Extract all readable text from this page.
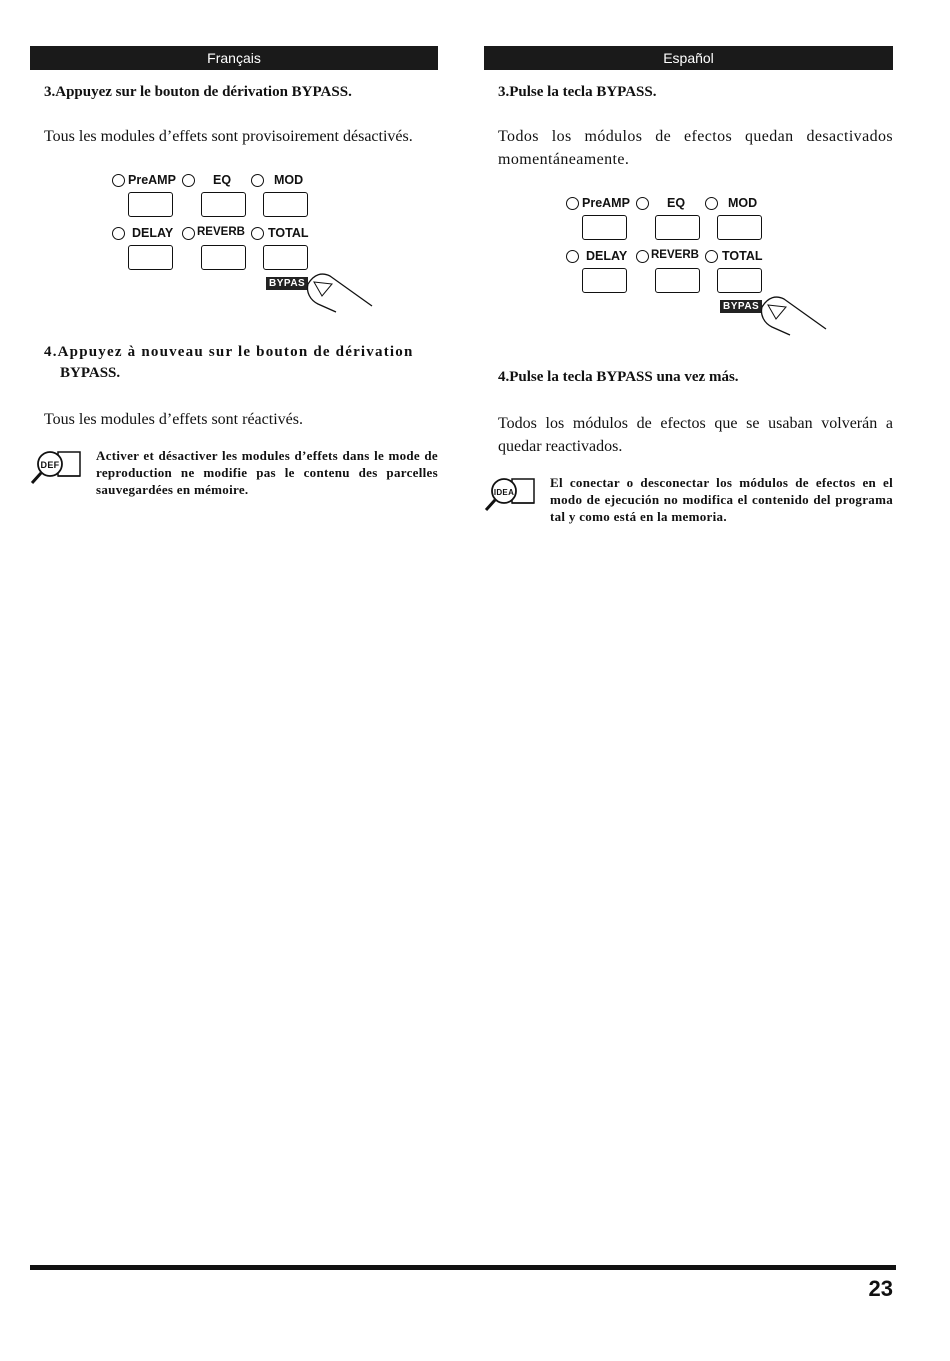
Français
3.Appuyez sur le bouton de dérivation BYPASS.
Tous les modules d’effets sont provisoirement désactivés.
PreAMP	EQ	MOD
DELAY REVERB TOTAL
BYPAS
4.Appuyez à nouveau sur le bouton de dérivation
BYPASS.
Tous les modules d’effets sont réactivés.
DEF
Activer et désactiver les modules d’effets dans le mode de reproduction ne modifie pas le contenu des parcelles sauvegardées en mémoire.
Español
3.Pulse la tecla BYPASS.
Todos los módulos de efectos quedan desactivados momentáneamente.
PreAMP	EQ	MOD
DELAY REVERB TOTAL
BYPAS
4.Pulse la tecla BYPASS una vez más.
Todos los módulos de efectos que se usaban volverán a quedar reactivados.
IDEA
El conectar o desconectar los módulos de efectos en el modo de ejecución no modifica el contenido del programa tal y como está en la memoria.
23
